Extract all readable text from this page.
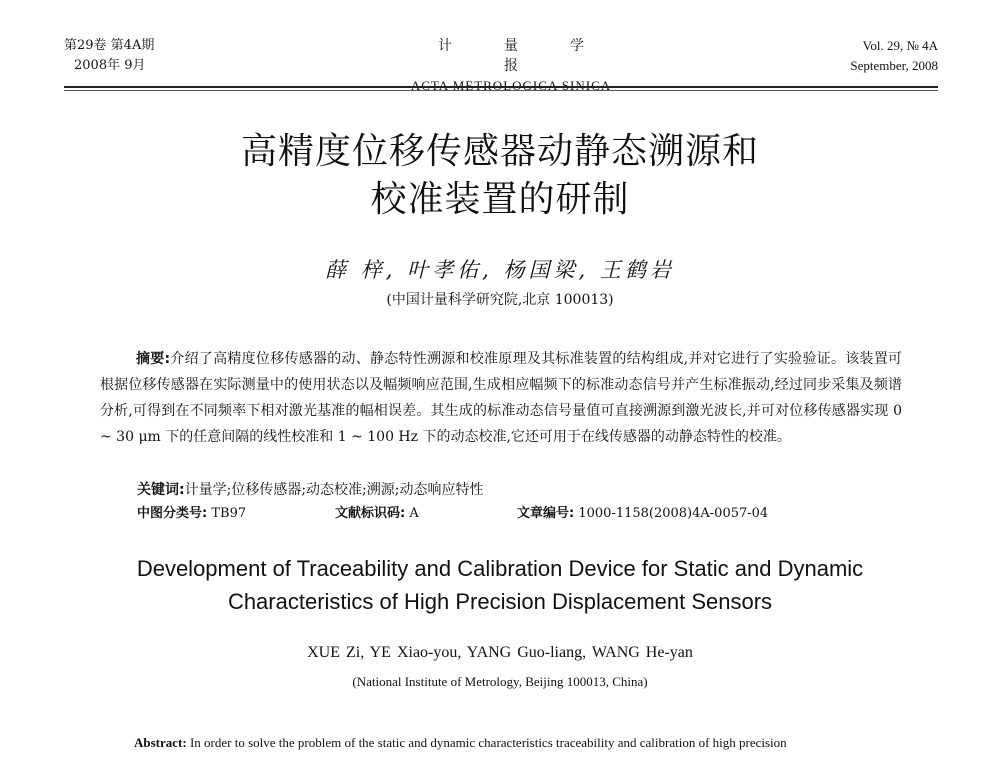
第29卷 第4A期
2008年 9月
计量学报
ACTA METROLOGICA SINICA
Vol. 29, № 4A
September, 2008
高精度位移传感器动静态溯源和
校准装置的研制
薛 梓, 叶孝佑, 杨国梁, 王鹤岩
(中国计量科学研究院,北京 100013)

摘要:介绍了高精度位移传感器的动、静态特性溯源和校准原理及其标准装置的结构组成,并对它进行了实验验证。该装置可根据位移传感器在实际测量中的使用状态以及幅频响应范围,生成相应幅频下的标准动态信号并产生标准振动,经过同步采集及频谱分析,可得到在不同频率下相对激光基准的幅相误差。其生成的标准动态信号量值可直接溯源到激光波长,并可对位移传感器实现 0 ~ 30 μm 下的任意间隔的线性校准和 1 ~ 100 Hz 下的动态校准,它还可用于在线传感器的动静态特性的校准。

关键词:计量学;位移传感器;动态校准;溯源;动态响应特性
中图分类号: TB97	文献标识码: A	文章编号: 1000-1158(2008)4A-0057-04
Development of Traceability and Calibration Device for Static and Dynamic
Characteristics of High Precision Displacement Sensors
XUE Zi, YE Xiao-you, YANG Guo-liang, WANG He-yan
(National Institute of Metrology, Beijing 100013, China)

Abstract: In order to solve the problem of the static and dynamic characteristics traceability and calibration of high precision
